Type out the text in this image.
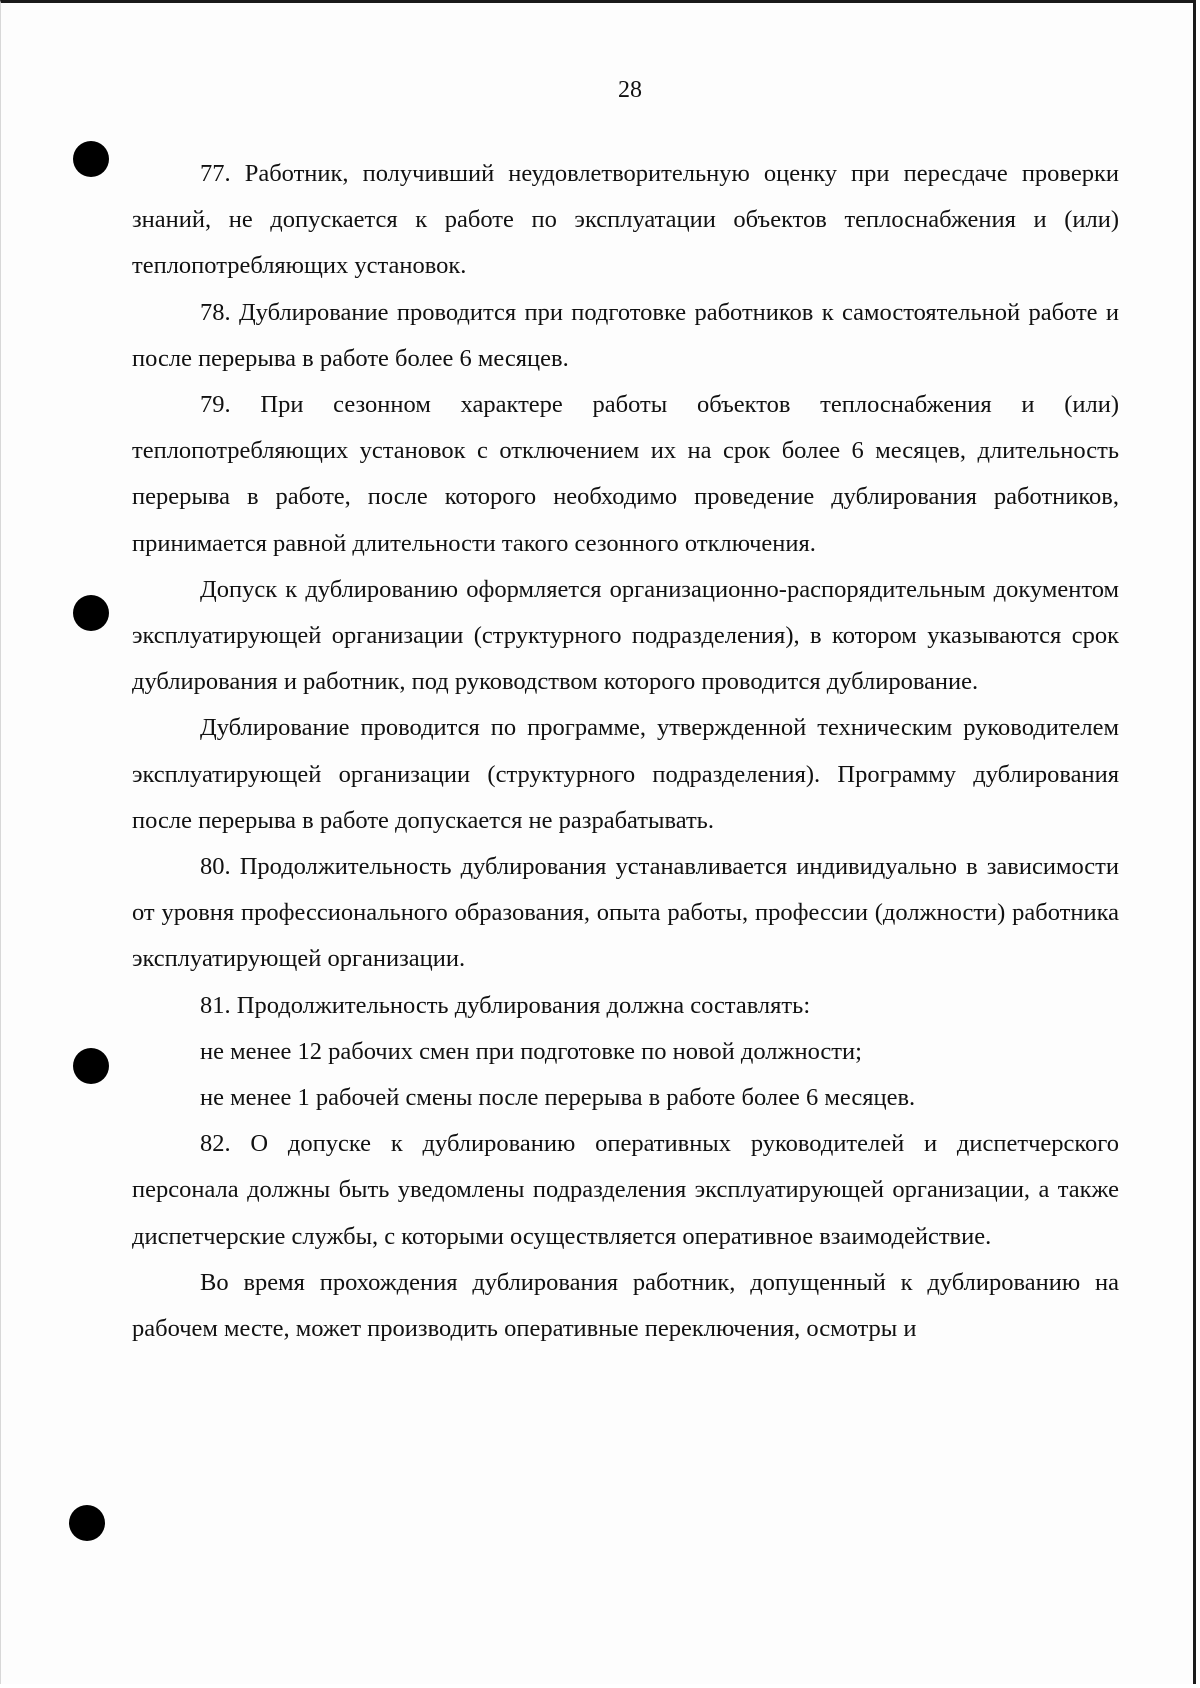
28

77. Работник, получивший неудовлетворительную оценку при пересдаче проверки знаний, не допускается к работе по эксплуатации объектов теплоснабжения и (или) теплопотребляющих установок.

78. Дублирование проводится при подготовке работников к самостоятельной работе и после перерыва в работе более 6 месяцев.

79. При сезонном характере работы объектов теплоснабжения и (или) теплопотребляющих установок с отключением их на срок более 6 месяцев, длительность перерыва в работе, после которого необходимо проведение дублирования работников, принимается равной длительности такого сезонного отключения.

Допуск к дублированию оформляется организационно-распорядительным документом эксплуатирующей организации (структурного подразделения), в котором указываются срок дублирования и работник, под руководством которого проводится дублирование.

Дублирование проводится по программе, утвержденной техническим руководителем эксплуатирующей организации (структурного подразделения). Программу дублирования после перерыва в работе допускается не разрабатывать.

80. Продолжительность дублирования устанавливается индивидуально в зависимости от уровня профессионального образования, опыта работы, профессии (должности) работника эксплуатирующей организации.

81. Продолжительность дублирования должна составлять:

не менее 12 рабочих смен при подготовке по новой должности;

не менее 1 рабочей смены после перерыва в работе более 6 месяцев.

82. О допуске к дублированию оперативных руководителей и диспетчерского персонала должны быть уведомлены подразделения эксплуатирующей организации, а также диспетчерские службы, с которыми осуществляется оперативное взаимодействие.

Во время прохождения дублирования работник, допущенный к дублированию на рабочем месте, может производить оперативные переключения, осмотры и
